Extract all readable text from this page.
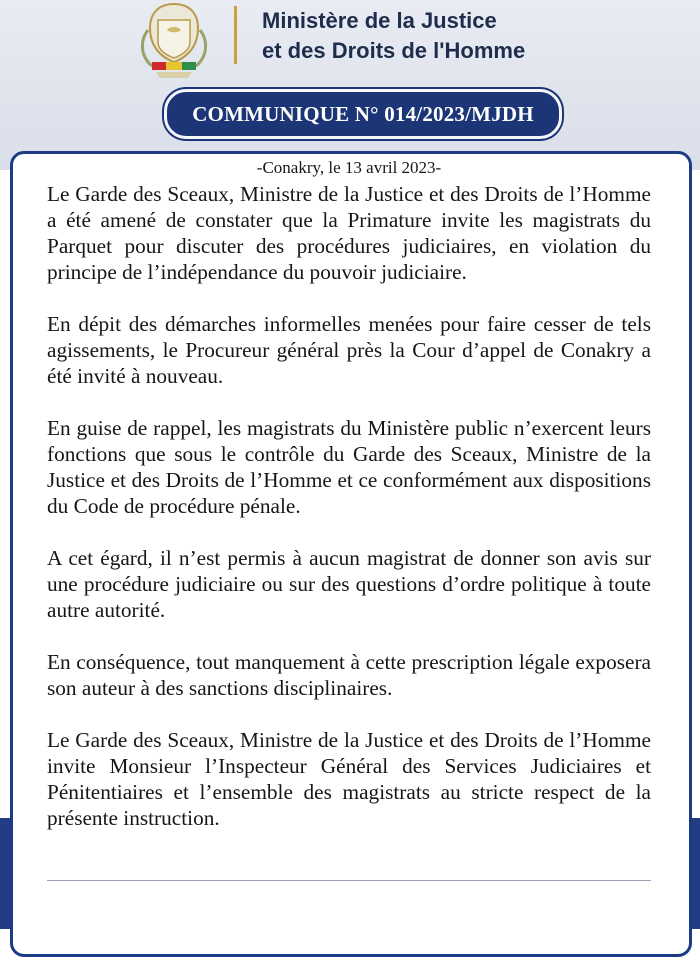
Ministère de la Justice
et des Droits de l'Homme
COMMUNIQUE N° 014/2023/MJDH
-Conakry, le 13 avril 2023-

Le Garde des Sceaux, Ministre de la Justice et des Droits de l’Homme a été amené de constater que la Primature invite les magistrats du Parquet pour discuter des procédures judiciaires, en violation du principe de l’indépendance du pouvoir judiciaire.

En dépit des démarches informelles menées pour faire cesser de tels agissements, le Procureur général près la Cour d’appel de Conakry a été invité à nouveau.

En guise de rappel, les magistrats du Ministère public n’exercent leurs fonctions que sous le contrôle du Garde des Sceaux, Ministre de la Justice et des Droits de l’Homme et ce conformément aux dispositions du Code de procédure pénale.

A cet égard, il n’est permis à aucun magistrat de donner son avis sur une procédure judiciaire ou sur des questions d’ordre politique à toute autre autorité.

En conséquence, tout manquement à cette prescription légale exposera son auteur à des sanctions disciplinaires.

Le Garde des Sceaux, Ministre de la Justice et des Droits de l’Homme invite Monsieur l’Inspecteur Général des Services Judiciaires et Pénitentiaires et l’ensemble des magistrats au stricte respect de la présente instruction.
